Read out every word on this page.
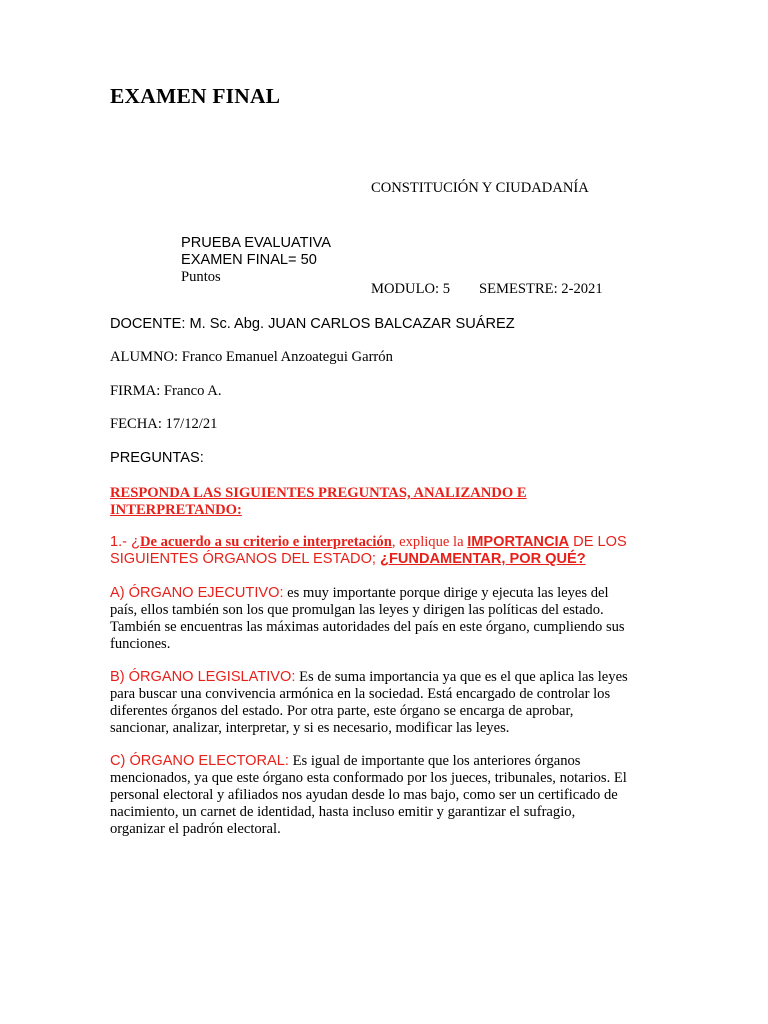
EXAMEN FINAL
CONSTITUCIÓN Y CIUDADANÍA
PRUEBA EVALUATIVA
EXAMEN FINAL= 50
Puntos
MODULO: 5 SEMESTRE: 2-2021
DOCENTE: M. Sc. Abg. JUAN CARLOS BALCAZAR SUÁREZ
ALUMNO: Franco Emanuel Anzoategui Garrón
FIRMA: Franco A.
FECHA: 17/12/21
PREGUNTAS:
RESPONDA LAS SIGUIENTES PREGUNTAS, ANALIZANDO E
INTERPRETANDO:
1.- ¿De acuerdo a su criterio e interpretación, explique la IMPORTANCIA DE LOS
SIGUIENTES ÓRGANOS DEL ESTADO; ¿FUNDAMENTAR, POR QUÉ?

A) ÓRGANO EJECUTIVO: es muy importante porque dirige y ejecuta las leyes del

país, ellos también son los que promulgan las leyes y dirigen las políticas del estado.

También se encuentras las máximas autoridades del país en este órgano, cumpliendo sus

funciones.

B) ÓRGANO LEGISLATIVO: Es de suma importancia ya que es el que aplica las leyes

para buscar una convivencia armónica en la sociedad. Está encargado de controlar los

diferentes órganos del estado. Por otra parte, este órgano se encarga de aprobar,

sancionar, analizar, interpretar, y si es necesario, modificar las leyes.

C) ÓRGANO ELECTORAL: Es igual de importante que los anteriores órganos

mencionados, ya que este órgano esta conformado por los jueces, tribunales, notarios. El

personal electoral y afiliados nos ayudan desde lo mas bajo, como ser un certificado de

nacimiento, un carnet de identidad, hasta incluso emitir y garantizar el sufragio,

organizar el padrón electoral.
